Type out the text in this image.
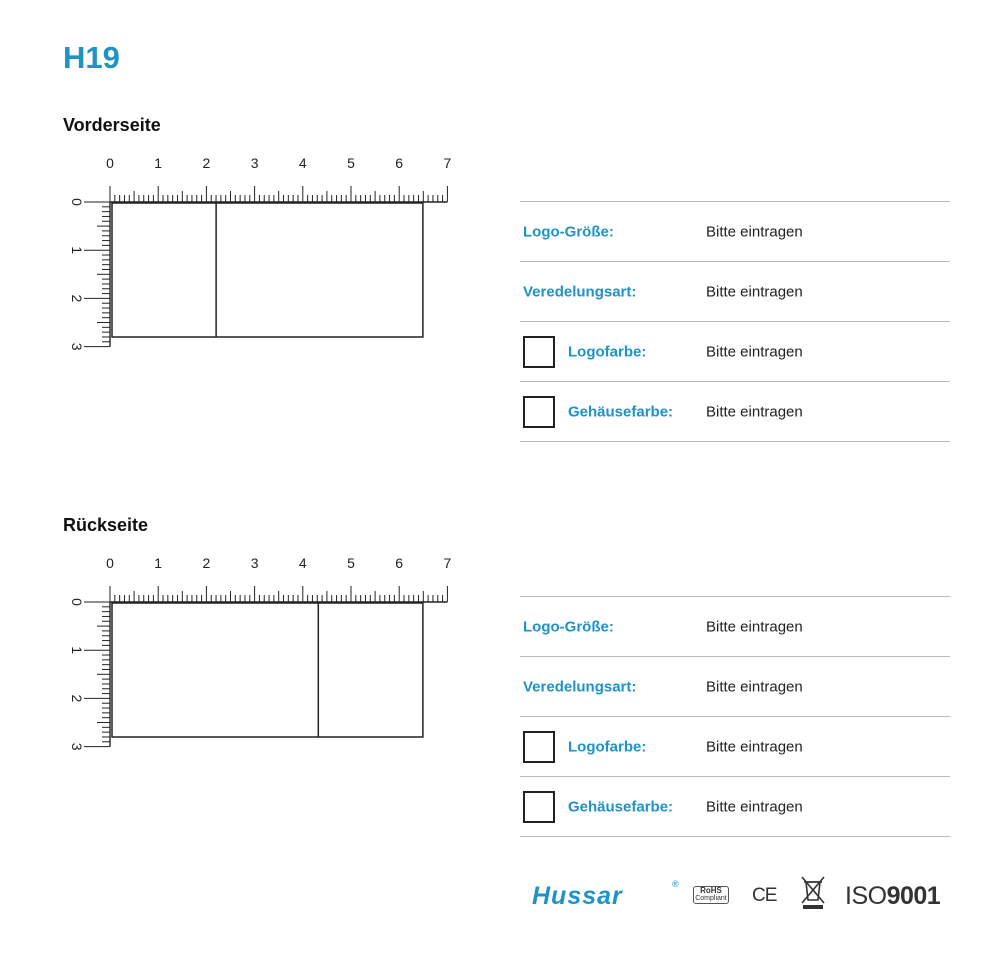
H19
Vorderseite
0	1	2	3	4	5	6	7
0
1
2
3
Logo-Größe:	Bitte eintragen
Veredelungsart:	Bitte eintragen
Logofarbe:	Bitte eintragen
Gehäusefarbe: Bitte eintragen
Rückseite
0	1	2	3	4	5	6	7
0
1
2
3
Logo-Größe:	Bitte eintragen
Veredelungsart:	Bitte eintragen
Logofarbe:	Bitte eintragen
Gehäusefarbe: Bitte eintragen
Hussar	®
RoHS
Compliant CE	ISO9001
